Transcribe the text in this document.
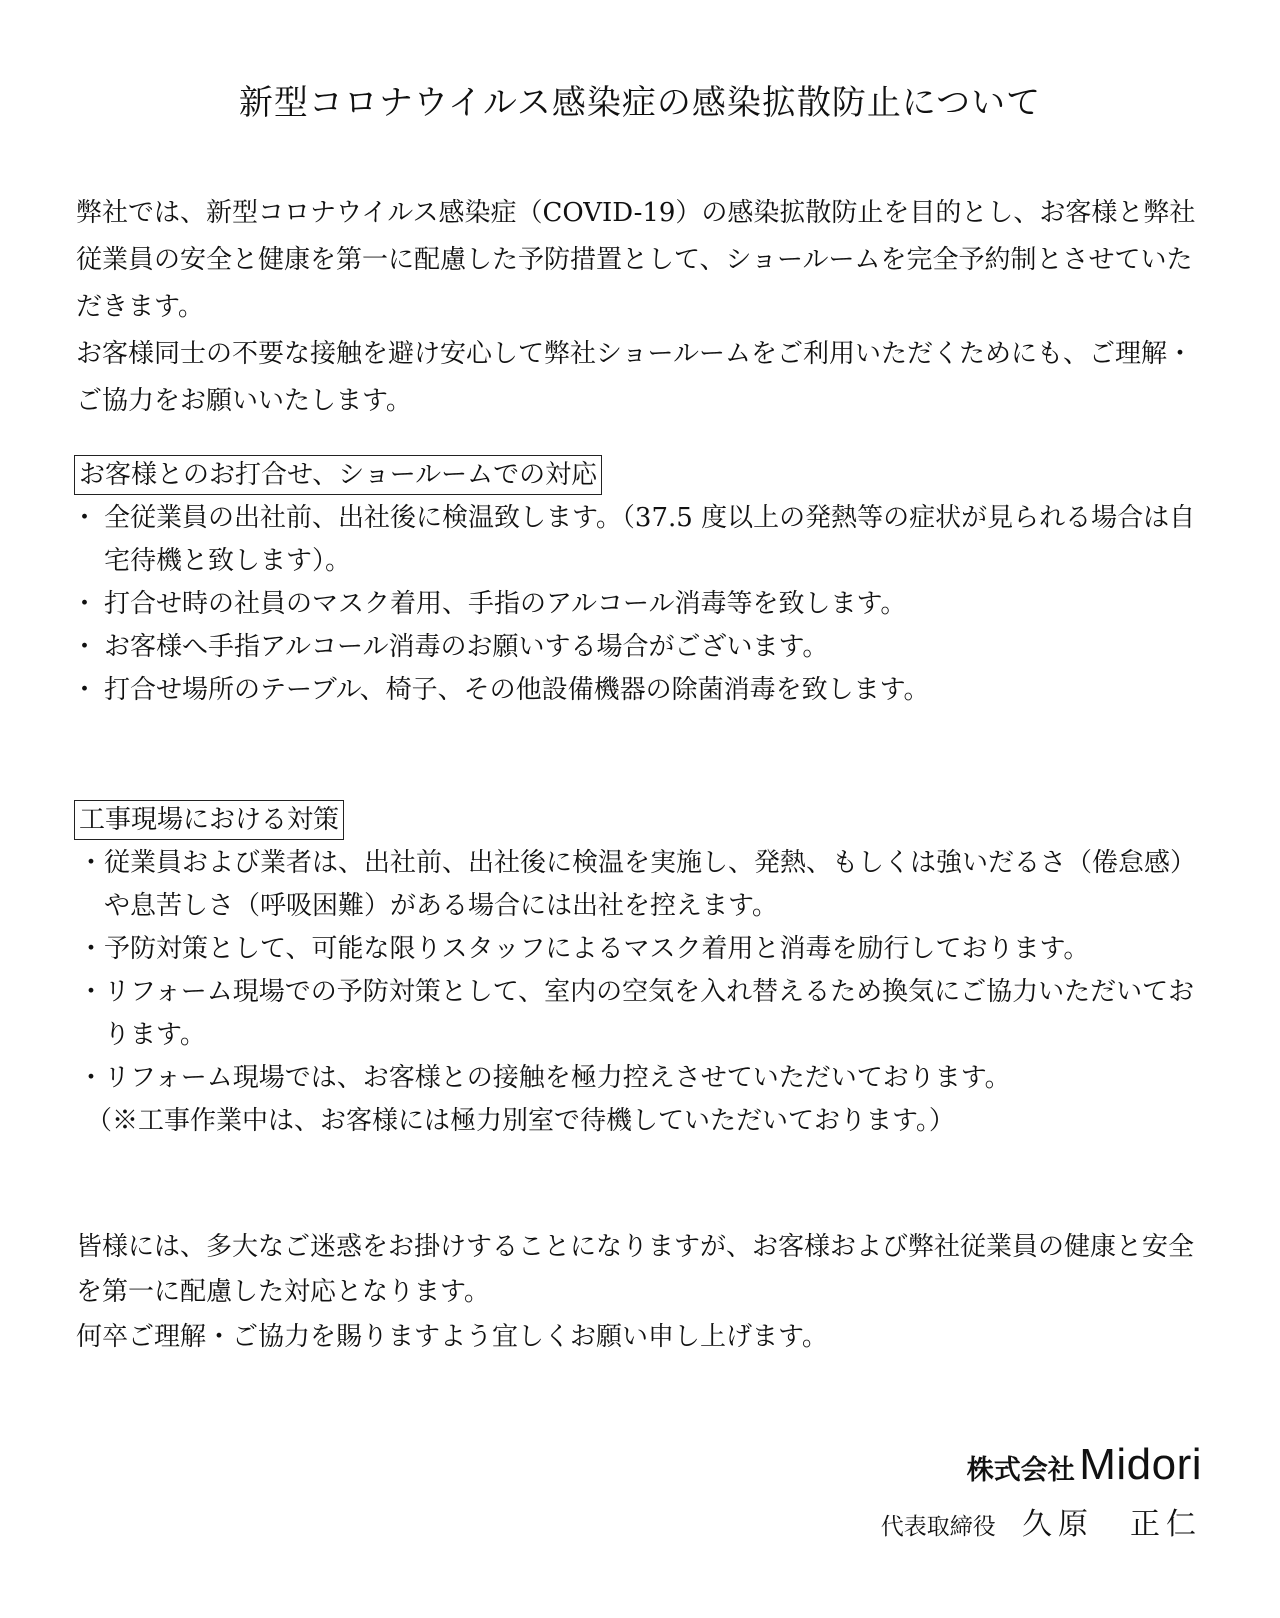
新型コロナウイルス感染症の感染拡散防止について

弊社では、新型コロナウイルス感染症（COVID-19）の感染拡散防止を目的とし、お客様と弊社従業員の安全と健康を第一に配慮した予防措置として、ショールームを完全予約制とさせていただきます。

お客様同士の不要な接触を避け安心して弊社ショールームをご利用いただくためにも、ご理解・ご協力をお願いいたします。

お客様とのお打合せ、ショールームでの対応
･ 全従業員の出社前、出社後に検温致します。（37.5 度以上の発熱等の症状が見られる場合は自宅待機と致します）。
･ 打合せ時の社員のマスク着用、手指のアルコール消毒等を致します。
･ お客様へ手指アルコール消毒のお願いする場合がございます。
･ 打合せ場所のテーブル、椅子、その他設備機器の除菌消毒を致します。
工事現場における対策
・ 従業員および業者は、出社前、出社後に検温を実施し、発熱、もしくは強いだるさ（倦怠感）や息苦しさ（呼吸困難）がある場合には出社を控えます。
・ 予防対策として、可能な限りスタッフによるマスク着用と消毒を励行しております。
・ リフォーム現場での予防対策として、室内の空気を入れ替えるため換気にご協力いただいております。
・ リフォーム現場では、お客様との接触を極力控えさせていただいております。
（※工事作業中は、お客様には極力別室で待機していただいております。）

皆様には、多大なご迷惑をお掛けすることになりますが、お客様および弊社従業員の健康と安全を第一に配慮した対応となります。

何卒ご理解・ご協力を賜りますよう宜しくお願い申し上げます。

株式会社 Midori
代表取締役 久原　正仁
